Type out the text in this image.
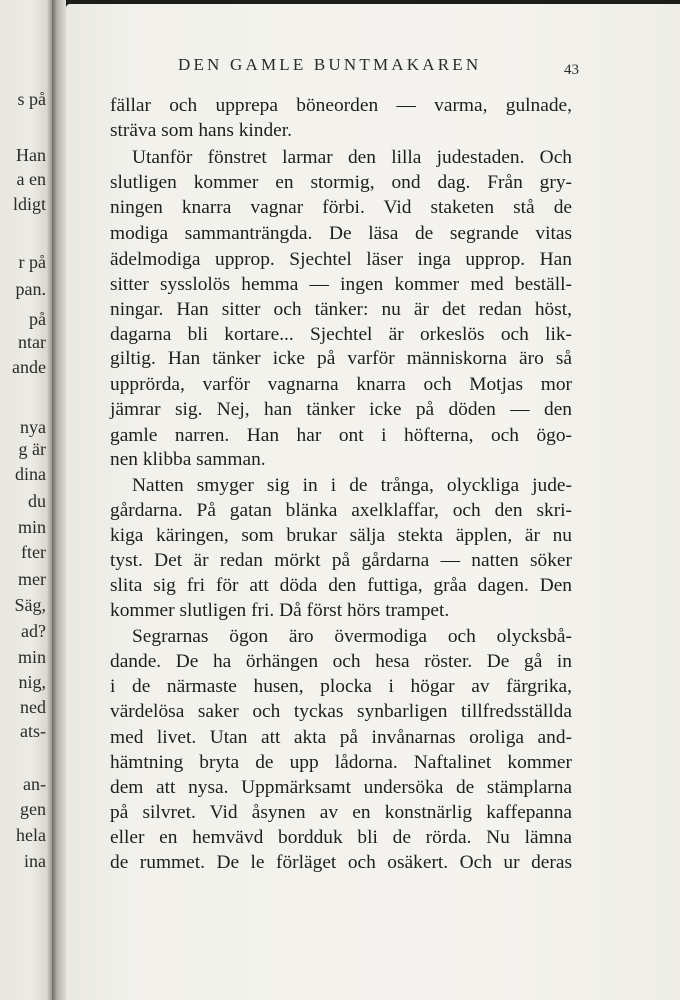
s på
Han
a en
ldigt
r på
pan.
på
ntar
ande
nya
g är
dina
du
min
fter
mer
Säg,
ad?
min
nig,
ned
ats-
an-
gen
hela
ina
DEN GAMLE BUNTMAKAREN	43
fällar och upprepa böneorden — varma, gulnade,
sträva som hans kinder.
Utanför fönstret larmar den lilla judestaden. Och
slutligen kommer en stormig, ond dag. Från gry-
ningen knarra vagnar förbi. Vid staketen stå de
modiga sammanträngda. De läsa de segrande vitas
ädelmodiga upprop. Sjechtel läser inga upprop. Han
sitter sysslolös hemma — ingen kommer med beställ-
ningar. Han sitter och tänker: nu är det redan höst,
dagarna bli kortare... Sjechtel är orkeslös och lik-
giltig. Han tänker icke på varför människorna äro så
upprörda, varför vagnarna knarra och Motjas mor
jämrar sig. Nej, han tänker icke på döden — den
gamle narren. Han har ont i höfterna, och ögo-
nen klibba samman.
Natten smyger sig in i de trånga, olyckliga jude-
gårdarna. På gatan blänka axelklaffar, och den skri-
kiga käringen, som brukar sälja stekta äpplen, är nu
tyst. Det är redan mörkt på gårdarna — natten söker
slita sig fri för att döda den futtiga, gråa dagen. Den
kommer slutligen fri. Då först hörs trampet.
Segrarnas ögon äro övermodiga och olycksbå-
dande. De ha örhängen och hesa röster. De gå in
i de närmaste husen, plocka i högar av färgrika,
värdelösa saker och tyckas synbarligen tillfredsställda
med livet. Utan att akta på invånarnas oroliga and-
hämtning bryta de upp lådorna. Naftalinet kommer
dem att nysa. Uppmärksamt undersöka de stämplarna
på silvret. Vid åsynen av en konstnärlig kaffepanna
eller en hemvävd bordduk bli de rörda. Nu lämna
de rummet. De le förläget och osäkert. Och ur deras
